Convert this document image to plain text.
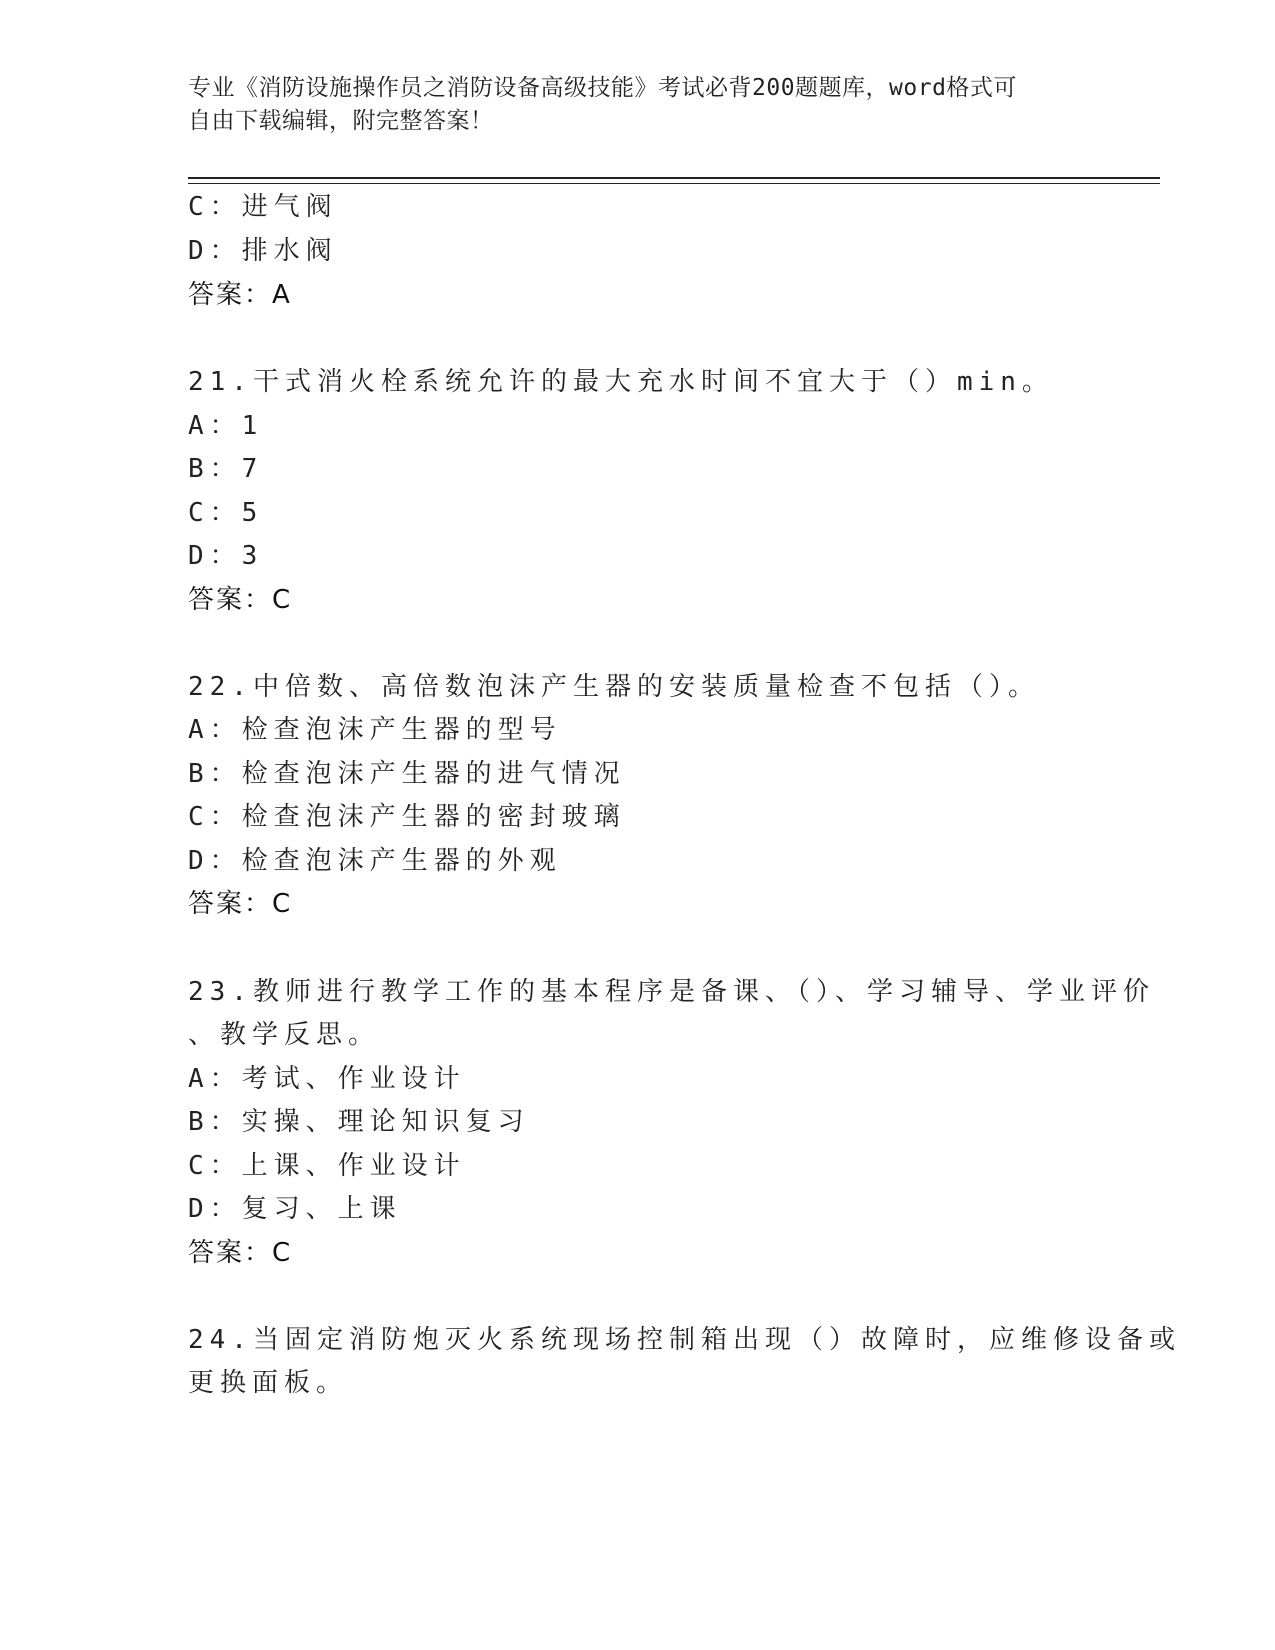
专业《消防设施操作员之消防设备高级技能》考试必背200题题库，word格式可
自由下载编辑，附完整答案！
C：进气阀
D：排水阀
答案：A
21.干式消火栓系统允许的最大充水时间不宜大于（）min。
A：1
B：7
C：5
D：3
答案：C
22.中倍数、高倍数泡沫产生器的安装质量检查不包括（）。
A：检查泡沫产生器的型号
B：检查泡沫产生器的进气情况
C：检查泡沫产生器的密封玻璃
D：检查泡沫产生器的外观
答案：C
23.教师进行教学工作的基本程序是备课、（）、学习辅导、学业评价
、教学反思。
A：考试、作业设计
B：实操、理论知识复习
C：上课、作业设计
D：复习、上课
答案：C
24.当固定消防炮灭火系统现场控制箱出现（）故障时，应维修设备或
更换面板。
